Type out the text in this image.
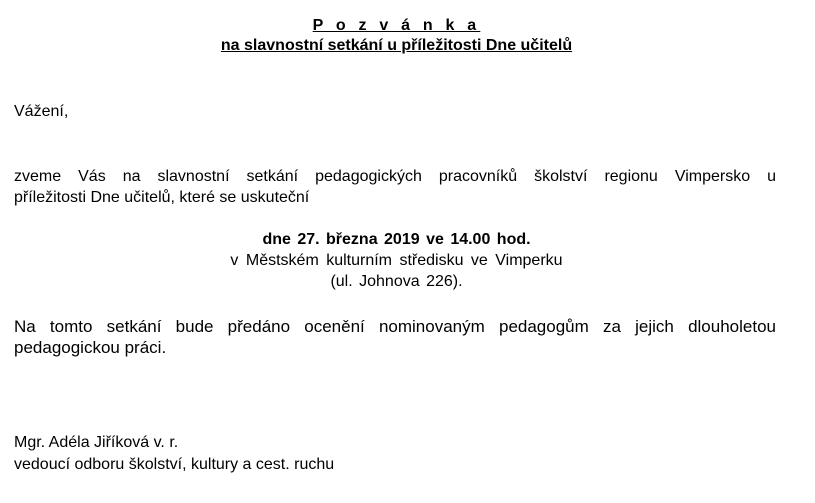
P o z v á n k a
na slavnostní setkání u příležitosti Dne učitelů
Vážení,
zveme Vás na slavnostní setkání pedagogických pracovníků školství regionu Vimpersko u
příležitosti Dne učitelů, které se uskuteční
dne 27. března 2019 ve 14.00 hod.
v Městském kulturním středisku ve Vimperku
(ul. Johnova 226).
Na tomto setkání bude předáno ocenění nominovaným pedagogům za jejich dlouholetou
pedagogickou práci.
Mgr. Adéla Jiříková v. r.
vedoucí odboru školství, kultury a cest. ruchu
